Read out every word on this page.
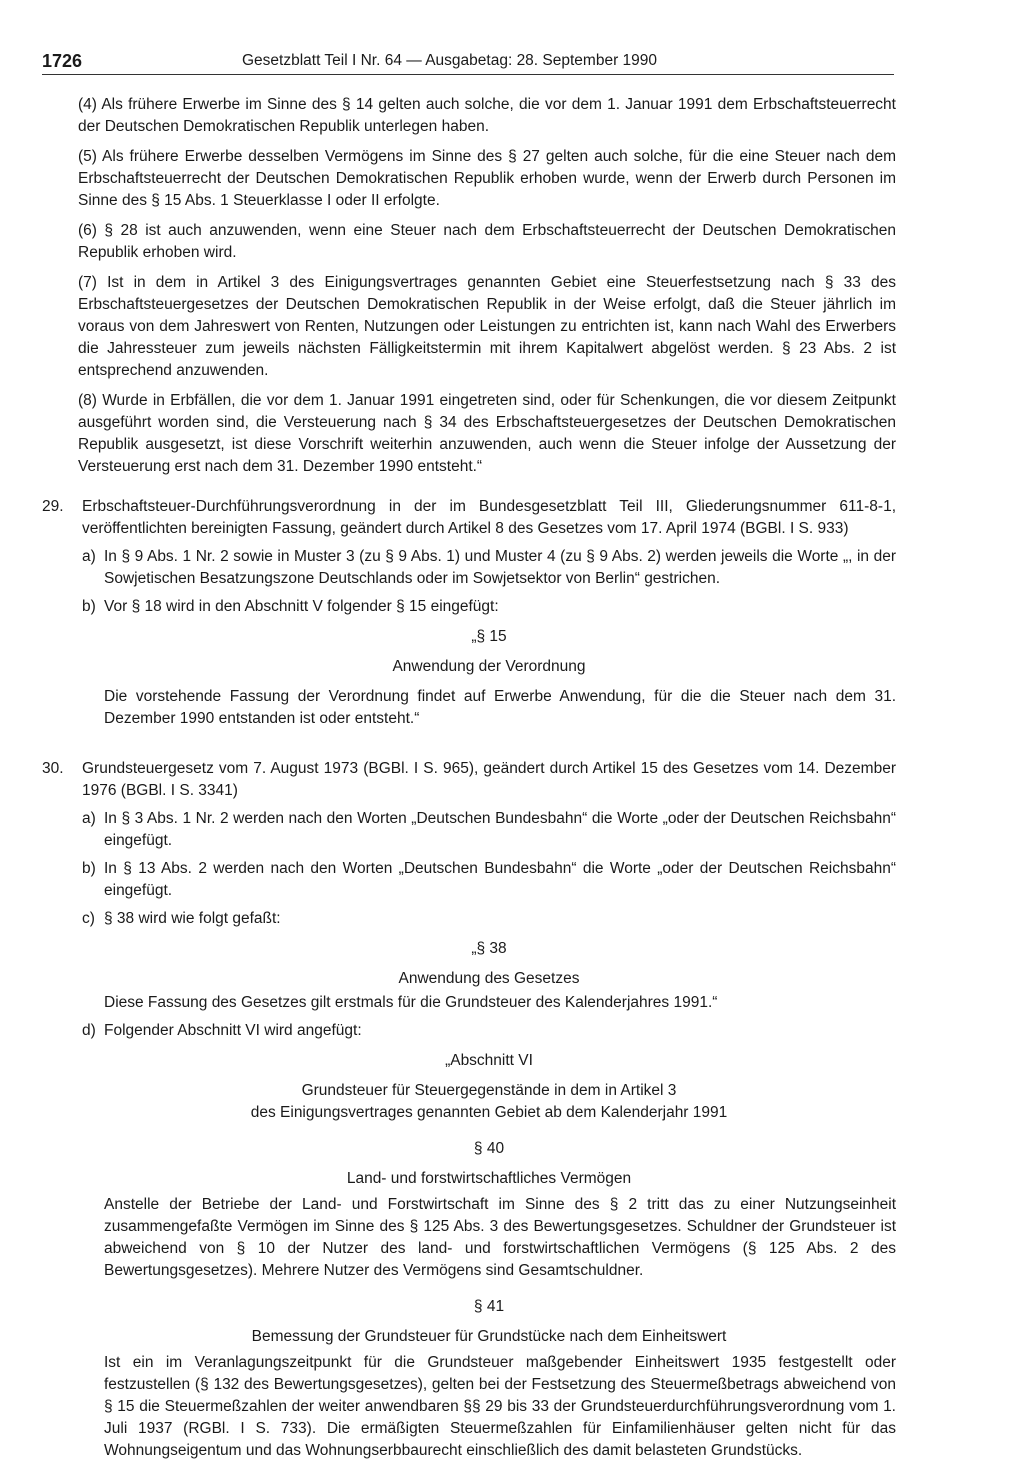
1726	Gesetzblatt Teil I Nr. 64 — Ausgabetag: 28. September 1990

(4) Als frühere Erwerbe im Sinne des § 14 gelten auch solche, die vor dem 1. Januar 1991 dem Erbschaftsteuerrecht der Deutschen Demokratischen Republik unterlegen haben.

(5) Als frühere Erwerbe desselben Vermögens im Sinne des § 27 gelten auch solche, für die eine Steuer nach dem Erbschaftsteuerrecht der Deutschen Demokratischen Republik erhoben wurde, wenn der Erwerb durch Personen im Sinne des § 15 Abs. 1 Steuerklasse I oder II erfolgte.

(6) § 28 ist auch anzuwenden, wenn eine Steuer nach dem Erbschaftsteuerrecht der Deutschen Demokratischen Republik erhoben wird.

(7) Ist in dem in Artikel 3 des Einigungsvertrages genannten Gebiet eine Steuerfestsetzung nach § 33 des Erbschaftsteuergesetzes der Deutschen Demokratischen Republik in der Weise erfolgt, daß die Steuer jährlich im voraus von dem Jahreswert von Renten, Nutzungen oder Leistungen zu entrichten ist, kann nach Wahl des Erwerbers die Jahressteuer zum jeweils nächsten Fälligkeitstermin mit ihrem Kapitalwert abgelöst werden. § 23 Abs. 2 ist entsprechend anzuwenden.

(8) Wurde in Erbfällen, die vor dem 1. Januar 1991 eingetreten sind, oder für Schenkungen, die vor diesem Zeitpunkt ausgeführt worden sind, die Versteuerung nach § 34 des Erbschaftsteuergesetzes der Deutschen Demokratischen Republik ausgesetzt, ist diese Vorschrift weiterhin anzuwenden, auch wenn die Steuer infolge der Aussetzung der Versteuerung erst nach dem 31. Dezember 1990 entsteht.“

29. Erbschaftsteuer-Durchführungsverordnung in der im Bundesgesetzblatt Teil III, Gliederungsnummer 611-8-1, veröffentlichten bereinigten Fassung, geändert durch Artikel 8 des Gesetzes vom 17. April 1974 (BGBl. I S. 933)

a) In § 9 Abs. 1 Nr. 2 sowie in Muster 3 (zu § 9 Abs. 1) und Muster 4 (zu § 9 Abs. 2) werden jeweils die Worte „, in der Sowjetischen Besatzungszone Deutschlands oder im Sowjetsektor von Berlin“ gestrichen.

b) Vor § 18 wird in den Abschnitt V folgender § 15 eingefügt:

„§ 15

Anwendung der Verordnung

Die vorstehende Fassung der Verordnung findet auf Erwerbe Anwendung, für die die Steuer nach dem 31. Dezember 1990 entstanden ist oder entsteht.“

30. Grundsteuergesetz vom 7. August 1973 (BGBl. I S. 965), geändert durch Artikel 15 des Gesetzes vom 14. Dezember 1976 (BGBl. I S. 3341)

a) In § 3 Abs. 1 Nr. 2 werden nach den Worten „Deutschen Bundesbahn“ die Worte „oder der Deutschen Reichsbahn“ eingefügt.

b) In § 13 Abs. 2 werden nach den Worten „Deutschen Bundesbahn“ die Worte „oder der Deutschen Reichsbahn“ eingefügt.

c) § 38 wird wie folgt gefaßt:

„§ 38

Anwendung des Gesetzes

Diese Fassung des Gesetzes gilt erstmals für die Grundsteuer des Kalenderjahres 1991.“

d) Folgender Abschnitt VI wird angefügt:

„Abschnitt VI

Grundsteuer für Steuergegenstände in dem in Artikel 3

des Einigungsvertrages genannten Gebiet ab dem Kalenderjahr 1991

§ 40

Land- und forstwirtschaftliches Vermögen

Anstelle der Betriebe der Land- und Forstwirtschaft im Sinne des § 2 tritt das zu einer Nutzungseinheit zusammengefaßte Vermögen im Sinne des § 125 Abs. 3 des Bewertungsgesetzes. Schuldner der Grundsteuer ist abweichend von § 10 der Nutzer des land- und forstwirtschaftlichen Vermögens (§ 125 Abs. 2 des Bewertungsgesetzes). Mehrere Nutzer des Vermögens sind Gesamtschuldner.

§ 41

Bemessung der Grundsteuer für Grundstücke nach dem Einheitswert

Ist ein im Veranlagungszeitpunkt für die Grundsteuer maßgebender Einheitswert 1935 festgestellt oder festzustellen (§ 132 des Bewertungsgesetzes), gelten bei der Festsetzung des Steuermeßbetrags abweichend von § 15 die Steuermeßzahlen der weiter anwendbaren §§ 29 bis 33 der Grundsteuerdurchführungsverordnung vom 1. Juli 1937 (RGBl. I S. 733). Die ermäßigten Steuermeßzahlen für Einfamilienhäuser gelten nicht für das Wohnungseigentum und das Wohnungserbbaurecht einschließlich des damit belasteten Grundstücks.
